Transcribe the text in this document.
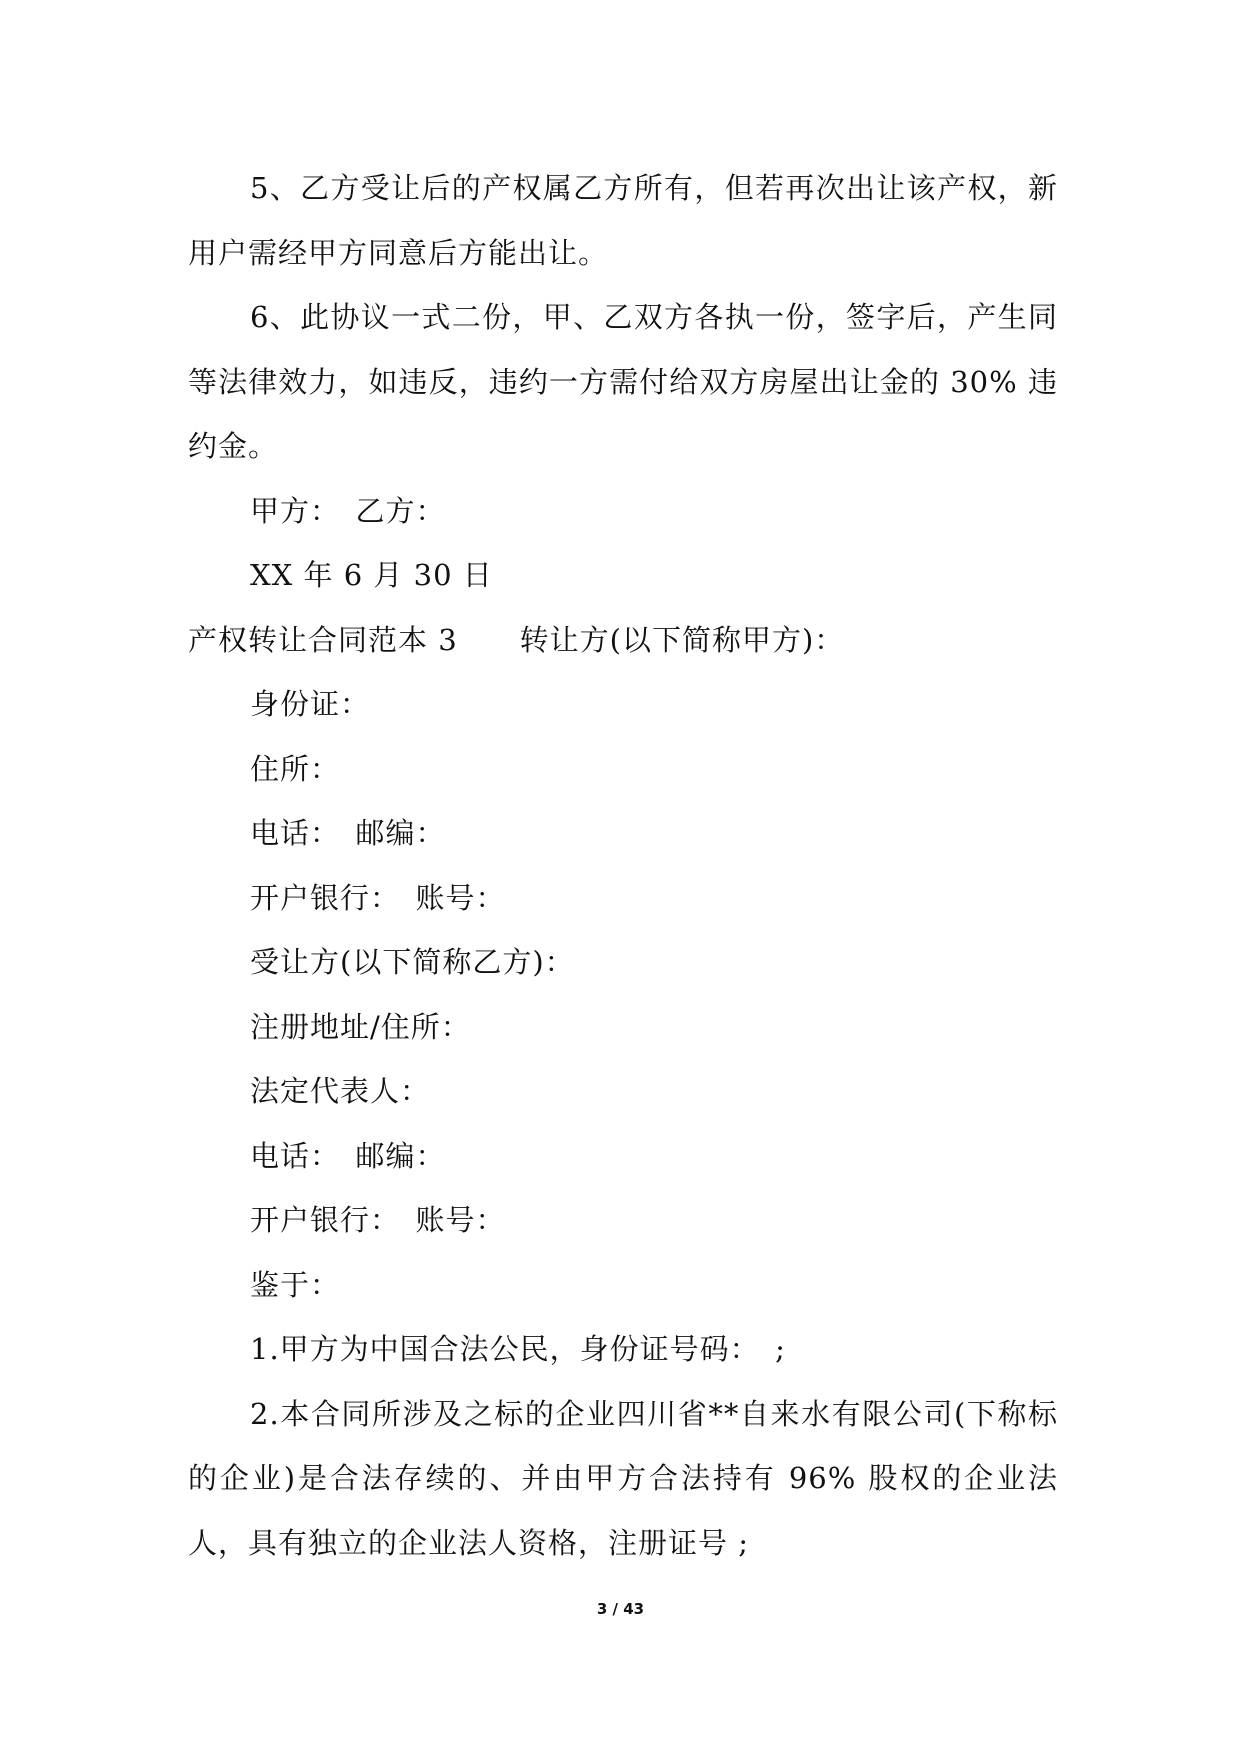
5、乙方受让后的产权属乙方所有，但若再次出让该产权，新用户需经甲方同意后方能出让。

6、此协议一式二份，甲、乙双方各执一份，签字后，产生同等法律效力，如违反，违约一方需付给双方房屋出让金的 30% 违约金。

甲方：　乙方：

XX 年 6 月 30 日

产权转让合同范本 3 转让方(以下简称甲方)：

身份证：

住所：

电话：　邮编：

开户银行：　账号：

受让方(以下简称乙方)：

注册地址/住所：

法定代表人：

电话：　邮编：

开户银行：　账号：

鉴于：

1.甲方为中国合法公民，身份证号码：　;

2.本合同所涉及之标的企业四川省**自来水有限公司(下称标的企业)是合法存续的、并由甲方合法持有 96% 股权的企业法人，具有独立的企业法人资格，注册证号 ;

3 / 43
